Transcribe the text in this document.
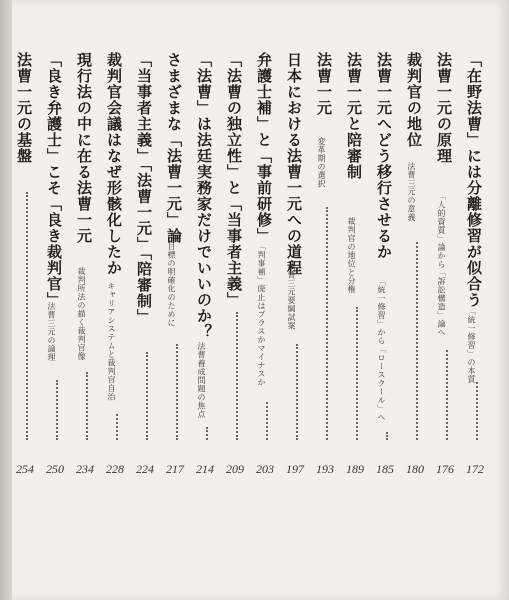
「在野法曹」には分離修習が似合う
「統一修習」の本質
172
法曹一元の原理
「人的資質」論から「訴訟構造」論へ
176
裁判官の地位
法曹三元の意義
180
法曹一元へどう移行させるか
「統一修習」から「ロースクール」へ
185
法曹一元と陪審制
裁判官の地位と分権
189
法曹一元
変革期の選択
193
日本における法曹一元への道程
法曹三元要綱試案
197
弁護士補」と「事前研修」
「判事補」廃止はプラスかマイナスか
203
「法曹の独立性」と「当事者主義」
209
「法曹」は法廷実務家だけでいいのか？
法曹養成問題の焦点
214
さまざまな「法曹一元」論
目標の明確化のために
217
「当事者主義」「法曹一元」「陪審制」
224
裁判官会議はなぜ形骸化したか
キャリアシステムと裁判官自治
228
現行法の中に在る法曹一元
裁判所法の描く裁判官像
234
「良き弁護士」こそ「良き裁判官」
法曹三元の論理
250
法曹一元の基盤
254
